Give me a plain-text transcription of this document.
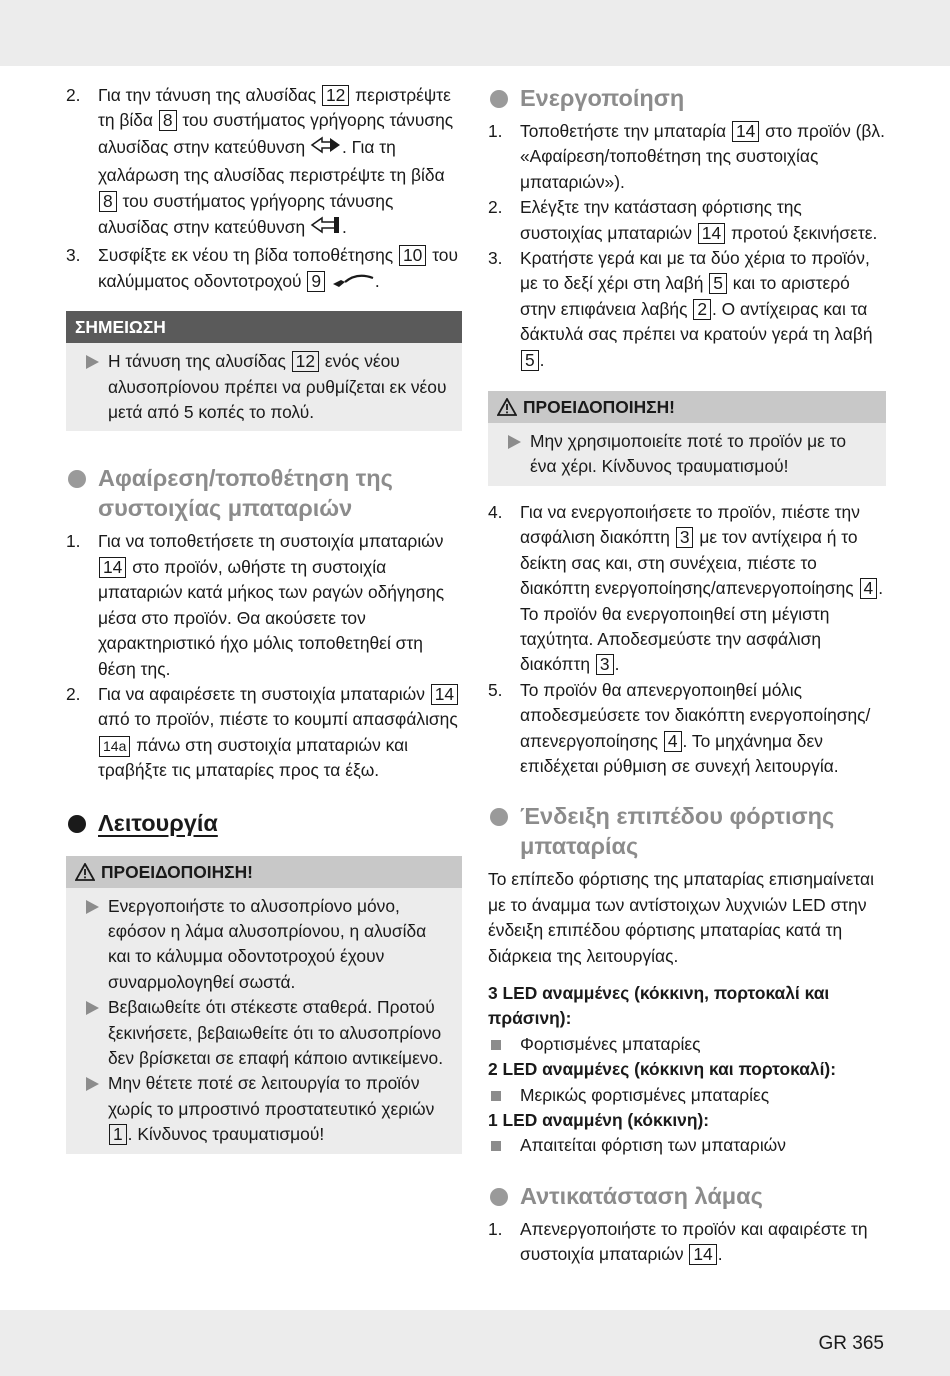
2. Για την τάνυση της αλυσίδας 12 περιστρέψτε τη βίδα 8 του συστήματος γρήγορης τάνυσης αλυσίδας στην κατεύθυνση . Για τη χαλάρωση της αλυσίδας περιστρέψτε τη βίδα 8 του συστήματος γρήγορης τάνυσης αλυσίδας στην κατεύθυνση .
3. Συσφίξτε εκ νέου τη βίδα τοποθέτησης 10 του καλύμματος οδοντοτροχού 9	.
ΣΗΜΕΙΩΣΗ
Η τάνυση της αλυσίδας 12 ενός νέου αλυσοπρίονου πρέπει να ρυθμίζεται εκ νέου μετά από 5 κοπές το πολύ.
Αφαίρεση/τοποθέτηση της συστοιχίας μπαταριών
1. Για να τοποθετήσετε τη συστοιχία μπαταριών 14 στο προϊόν, ωθήστε τη συστοιχία μπαταριών κατά μήκος των ραγών οδήγησης μέσα στο προϊόν. Θα ακούσετε τον χαρακτηριστικό ήχο μόλις τοποθετηθεί στη θέση της.
2. Για να αφαιρέσετε τη συστοιχία μπαταριών 14 από το προϊόν, πιέστε το κουμπί απασφάλισης 14a πάνω στη συστοιχία μπαταριών και τραβήξτε τις μπαταρίες προς τα έξω.
Λειτουργία
ΠΡΟΕΙΔΟΠΟΙΗΣΗ!
Ενεργοποιήστε το αλυσοπρίονο μόνο, εφόσον η λάμα αλυσοπρίονου, η αλυσίδα και το κάλυμμα οδοντοτροχού έχουν συναρμολογηθεί σωστά.
Βεβαιωθείτε ότι στέκεστε σταθερά. Προτού ξεκινήσετε, βεβαιωθείτε ότι το αλυσοπρίονο δεν βρίσκεται σε επαφή κάποιο αντικείμενο.
Μην θέτετε ποτέ σε λειτουργία το προϊόν χωρίς το μπροστινό προστατευτικό χεριών 1 . Κίνδυνος τραυματισμού!
Ενεργοποίηση
1. Τοποθετήστε την μπαταρία 14 στο προϊόν (βλ. «Αφαίρεση/τοποθέτηση της συστοιχίας μπαταριών»).
2. Ελέγξτε την κατάσταση φόρτισης της συστοιχίας μπαταριών 14 προτού ξεκινήσετε.
3. Κρατήστε γερά και με τα δύο χέρια το προϊόν, με το δεξί χέρι στη λαβή 5 και το αριστερό στην επιφάνεια λαβής 2 . Ο αντίχειρας και τα δάκτυλά σας πρέπει να κρατούν γερά τη λαβή 5 .
ΠΡΟΕΙΔΟΠΟΙΗΣΗ!
Μην χρησιμοποιείτε ποτέ το προϊόν με το ένα χέρι. Κίνδυνος τραυματισμού!
4. Για να ενεργοποιήσετε το προϊόν, πιέστε την ασφάλιση διακόπτη 3 με τον αντίχειρα ή το δείκτη σας και, στη συνέχεια, πιέστε το διακόπτη ενεργοποίησης/απενεργοποίησης 4 . Το προϊόν θα ενεργοποιηθεί στη μέγιστη ταχύτητα. Αποδεσμεύστε την ασφάλιση διακόπτη 3 .
5. Το προϊόν θα απενεργοποιηθεί μόλις αποδεσμεύσετε τον διακόπτη ενεργοποίησης/ απενεργοποίησης 4 . Το μηχάνημα δεν επιδέχεται ρύθμιση σε συνεχή λειτουργία.
Ένδειξη επιπέδου φόρτισης μπαταρίας
Το επίπεδο φόρτισης της μπαταρίας επισημαίνεται με το άναμμα των αντίστοιχων λυχνιών LED στην ένδειξη επιπέδου φόρτισης μπαταρίας κατά τη διάρκεια της λειτουργίας.
3 LED αναμμένες (κόκκινη, πορτοκαλί και πράσινη):
Φορτισμένες μπαταρίες
2 LED αναμμένες (κόκκινη και πορτοκαλί):
Μερικώς φορτισμένες μπαταρίες
1 LED αναμμένη (κόκκινη):
Απαιτείται φόρτιση των μπαταριών
Αντικατάσταση λάμας
1. Απενεργοποιήστε το προϊόν και αφαιρέστε τη συστοιχία μπαταριών 14 .
GR 365
